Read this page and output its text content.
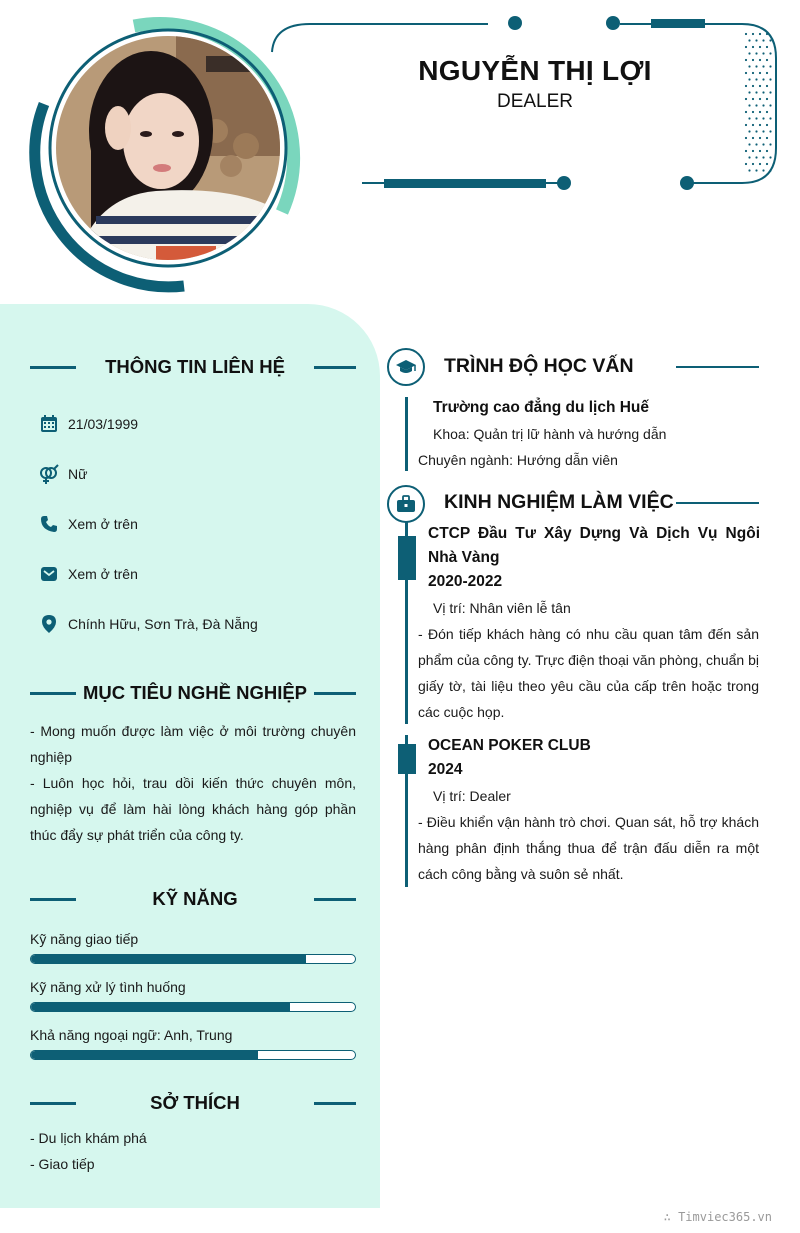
NGUYỄN THỊ LỢI
DEALER
THÔNG TIN LIÊN HỆ
21/03/1999
Nữ
Xem ở trên
Xem ở trên
Chính Hữu, Sơn Trà, Đà Nẵng
MỤC TIÊU NGHỀ NGHIỆP
- Mong muốn được làm việc ở môi trường chuyên nghiệp
- Luôn học hỏi, trau dồi kiến thức chuyên môn, nghiệp vụ để làm hài lòng khách hàng góp phần thúc đẩy sự phát triển của công ty.
KỸ NĂNG
Kỹ năng giao tiếp
Kỹ năng xử lý tình huống
Khả năng ngoại ngữ: Anh, Trung
SỞ THÍCH
- Du lịch khám phá
- Giao tiếp
TRÌNH ĐỘ HỌC VẤN
Trường cao đẳng du lịch Huế
Khoa: Quản trị lữ hành và hướng dẫn
Chuyên ngành: Hướng dẫn viên
KINH NGHIỆM LÀM VIỆC
CTCP Đầu Tư Xây Dựng Và Dịch Vụ Ngôi Nhà Vàng
2020-2022
Vị trí: Nhân viên lễ tân
- Đón tiếp khách hàng có nhu cầu quan tâm đến sản phẩm của công ty. Trực điện thoại văn phòng, chuẩn bị giấy tờ, tài liệu theo yêu cầu của cấp trên hoặc trong các cuộc họp.
OCEAN POKER CLUB
2024
Vị trí: Dealer
- Điều khiển vận hành trò chơi. Quan sát, hỗ trợ khách hàng phân định thắng thua để trận đấu diễn ra một cách công bằng và suôn sẻ nhất.
∴ Timviec365.vn
